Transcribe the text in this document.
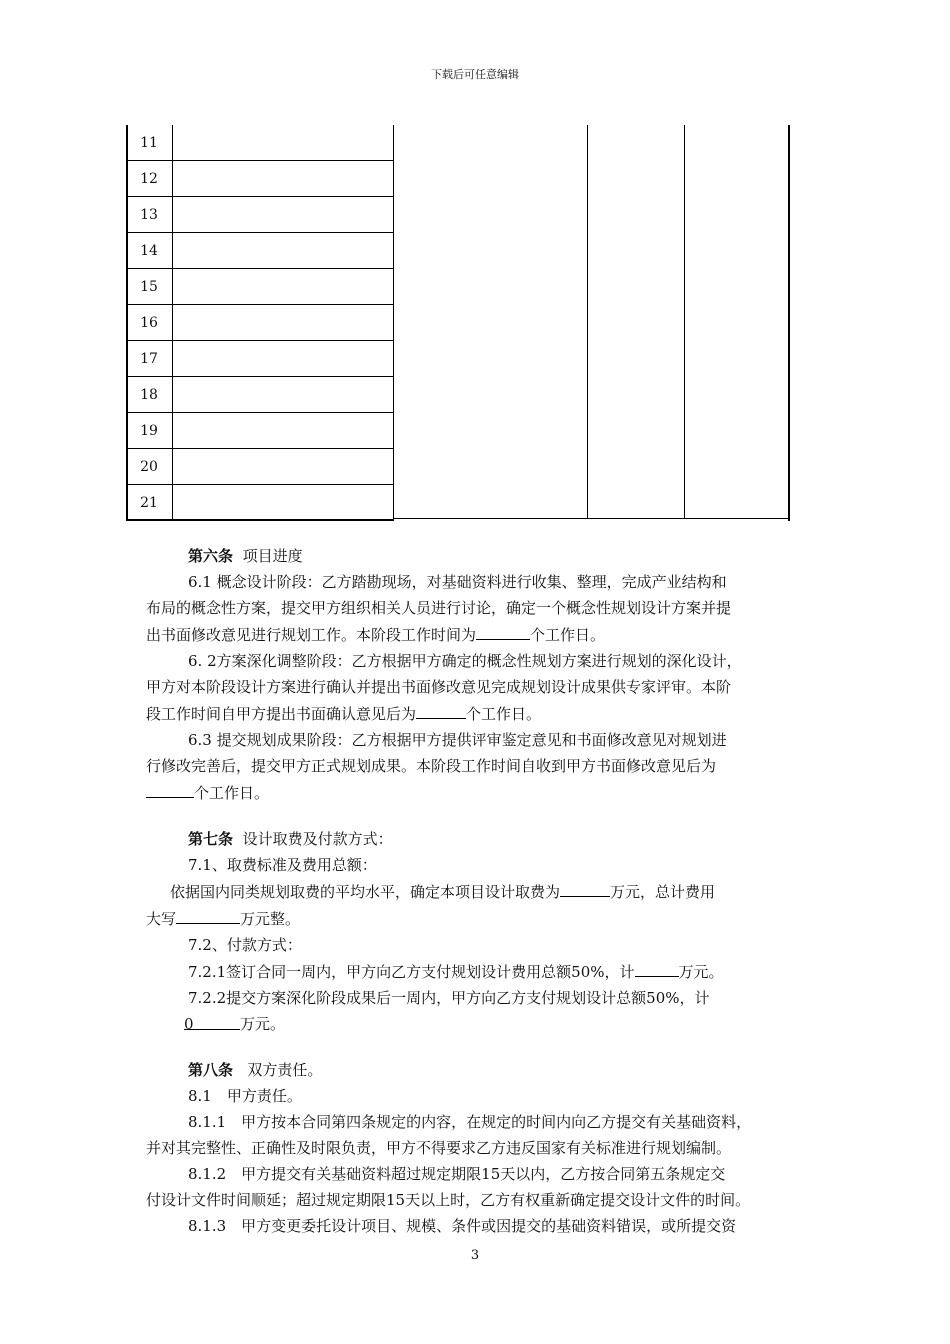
下载后可任意编辑
11
12
13
14
15
16
17
18
19
20
21
第六条 项目进度
6.1 概念设计阶段：乙方踏勘现场，对基础资料进行收集、整理，完成产业结构和
布局的概念性方案，提交甲方组织相关人员进行讨论，确定一个概念性规划设计方案并提
出书面修改意见进行规划工作。本阶段工作时间为	个工作日。
6. 2方案深化调整阶段：乙方根据甲方确定的概念性规划方案进行规划的深化设计，
甲方对本阶段设计方案进行确认并提出书面修改意见完成规划设计成果供专家评审。本阶
段工作时间自甲方提出书面确认意见后为	个工作日。
6.3 提交规划成果阶段：乙方根据甲方提供评审鉴定意见和书面修改意见对规划进
行修改完善后，提交甲方正式规划成果。本阶段工作时间自收到甲方书面修改意见后为
个工作日。
第七条 设计取费及付款方式：
7.1、取费标准及费用总额：
依据国内同类规划取费的平均水平，确定本项目设计取费为	万元，总计费用
大写	万元整。
7.2、付款方式：
7.2.1签订合同一周内，甲方向乙方支付规划设计费用总额50%，计	万元。
7.2.2提交方案深化阶段成果后一周内，甲方向乙方支付规划设计总额50%，计
0	万元。
第八条 双方责任。
8.1　甲方责任。
8.1.1　甲方按本合同第四条规定的内容，在规定的时间内向乙方提交有关基础资料，
并对其完整性、正确性及时限负责，甲方不得要求乙方违反国家有关标准进行规划编制。
8.1.2　甲方提交有关基础资料超过规定期限15天以内，乙方按合同第五条规定交
付设计文件时间顺延；超过规定期限15天以上时，乙方有权重新确定提交设计文件的时间。
8.1.3　甲方变更委托设计项目、规模、条件或因提交的基础资料错误，或所提交资
3
